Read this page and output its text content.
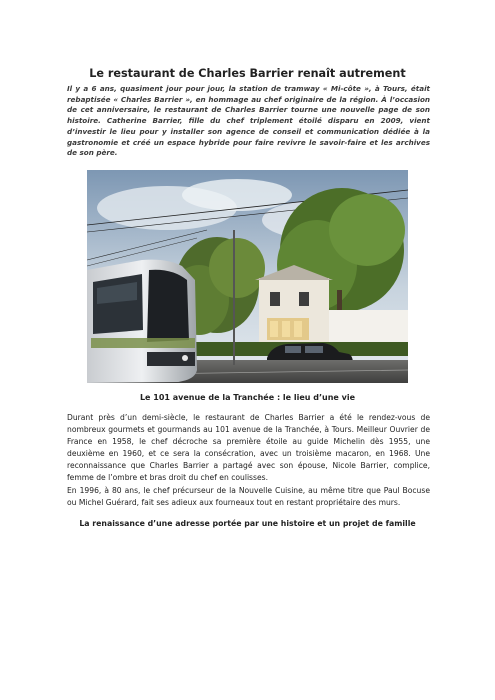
Le restaurant de Charles Barrier renaît autrement

Il y a 6 ans, quasiment jour pour jour, la station de tramway « Mi-côte », à Tours, était rebaptisée « Charles Barrier », en hommage au chef originaire de la région. À l’occasion de cet anniversaire, le restaurant de Charles Barrier tourne une nouvelle page de son histoire. Catherine Barrier, fille du chef triplement étoilé disparu en 2009, vient d’investir le lieu pour y installer son agence de conseil et communication dédiée à la gastronomie et créé un espace hybride pour faire revivre le savoir-faire et les archives de son père.

Le 101 avenue de la Tranchée : le lieu d’une vie

Durant près d’un demi-siècle, le restaurant de Charles Barrier a été le rendez-vous de nombreux gourmets et gourmands au 101 avenue de la Tranchée, à Tours. Meilleur Ouvrier de France en 1958, le chef décroche sa première étoile au guide Michelin dès 1955, une deuxième en 1960, et ce sera la consécration, avec un troisième macaron, en 1968. Une reconnaissance que Charles Barrier a partagé avec son épouse, Nicole Barrier, complice, femme de l’ombre et bras droit du chef en coulisses.

En 1996, à 80 ans, le chef précurseur de la Nouvelle Cuisine, au même titre que Paul Bocuse ou Michel Guérard, fait ses adieux aux fourneaux tout en restant propriétaire des murs.

La renaissance d’une adresse portée par une histoire et un projet de famille
